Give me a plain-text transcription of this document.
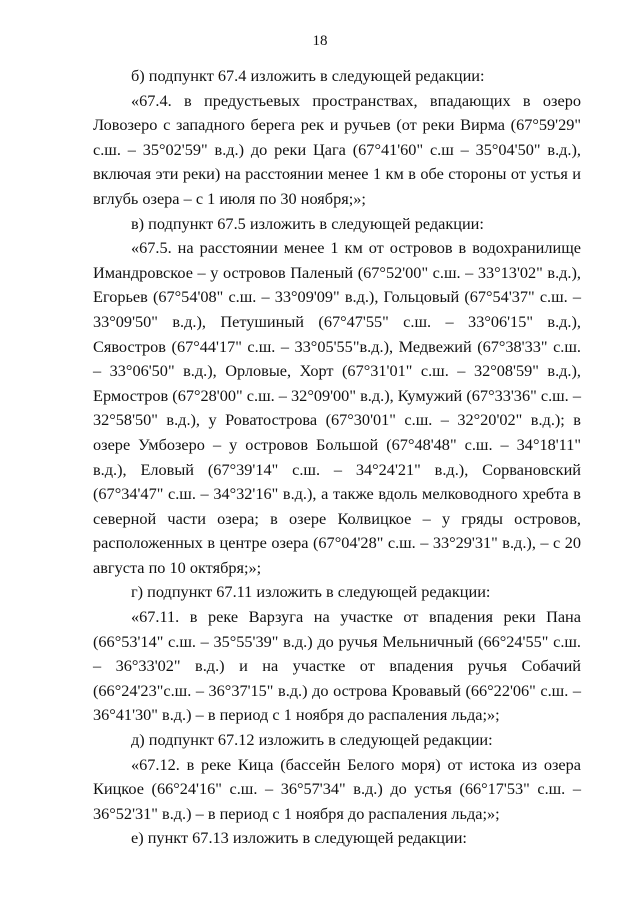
18

б) подпункт 67.4 изложить в следующей редакции:

«67.4. в предустьевых пространствах, впадающих в озеро Ловозеро с западного берега рек и ручьев (от реки Вирма (67°59'29" с.ш. – 35°02'59" в.д.) до реки Цага (67°41'60" с.ш – 35°04'50" в.д.), включая эти реки) на расстоянии менее 1 км в обе стороны от устья и вглубь озера – с 1 июля по 30 ноября;»;

в) подпункт 67.5 изложить в следующей редакции:

«67.5. на расстоянии менее 1 км от островов в водохранилище Имандровское – у островов Паленый (67°52'00" с.ш. – 33°13'02" в.д.), Егорьев (67°54'08" с.ш. – 33°09'09" в.д.), Гольцовый (67°54'37" с.ш. – 33°09'50" в.д.), Петушиный (67°47'55" с.ш. – 33°06'15" в.д.), Сявостров (67°44'17" с.ш. – 33°05'55"в.д.), Медвежий (67°38'33" с.ш. – 33°06'50" в.д.), Орловые, Хорт (67°31'01" с.ш. – 32°08'59" в.д.), Ермостров (67°28'00" с.ш. – 32°09'00" в.д.), Кумужий (67°33'36" с.ш. – 32°58'50" в.д.), у Роватострова (67°30'01" с.ш. – 32°20'02" в.д.); в озере Умбозеро – у островов Большой (67°48'48" с.ш. – 34°18'11" в.д.), Еловый (67°39'14" с.ш. – 34°24'21" в.д.), Сорвановский (67°34'47" с.ш. – 34°32'16" в.д.), а также вдоль мелководного хребта в северной части озера; в озере Колвицкое – у гряды островов, расположенных в центре озера (67°04'28" с.ш. – 33°29'31" в.д.), – с 20 августа по 10 октября;»;

г) подпункт 67.11 изложить в следующей редакции:

«67.11. в реке Варзуга на участке от впадения реки Пана (66°53'14" с.ш. – 35°55'39" в.д.) до ручья Мельничный (66°24'55" с.ш. – 36°33'02" в.д.) и на участке от впадения ручья Собачий (66°24'23"с.ш. – 36°37'15" в.д.) до острова Кровавый (66°22'06" с.ш. – 36°41'30" в.д.) – в период с 1 ноября до распаления льда;»;

д) подпункт 67.12 изложить в следующей редакции:

«67.12. в реке Кица (бассейн Белого моря) от истока из озера Кицкое (66°24'16" с.ш. – 36°57'34" в.д.) до устья (66°17'53" с.ш. – 36°52'31" в.д.) – в период с 1 ноября до распаления льда;»;

е) пункт 67.13 изложить в следующей редакции:
